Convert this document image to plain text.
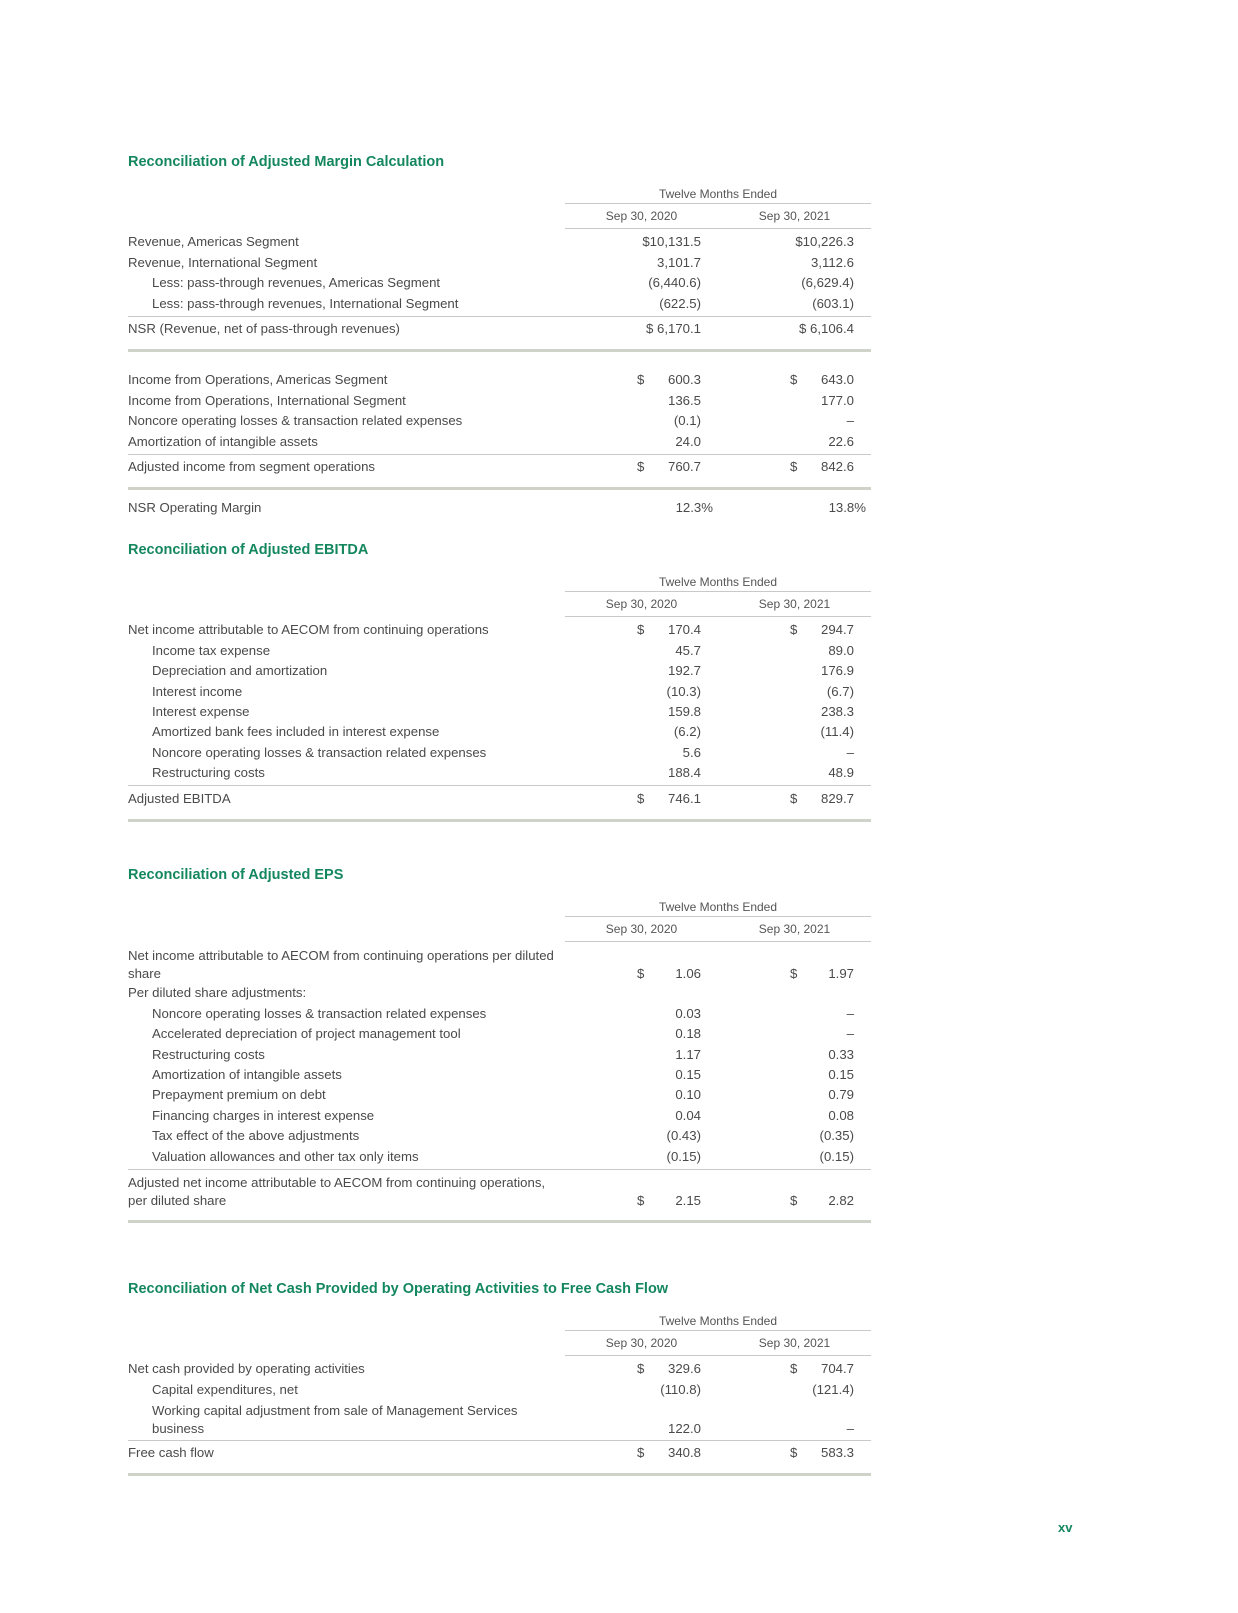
Reconciliation of Adjusted Margin Calculation
Twelve Months Ended
Sep 30, 2020	Sep 30, 2021
Revenue, Americas Segment	$10,131.5	$10,226.3
Revenue, International Segment	3,101.7	3,112.6
Less: pass-through revenues, Americas Segment	(6,440.6)	(6,629.4)
Less: pass-through revenues, International Segment	(622.5)	(603.1)
NSR (Revenue, net of pass-through revenues)	$ 6,170.1	$ 6,106.4
Income from Operations, Americas Segment	$ 600.3	$ 643.0
Income from Operations, International Segment	136.5	177.0
Noncore operating losses & transaction related expenses	(0.1)	–
Amortization of intangible assets	24.0	22.6
Adjusted income from segment operations	$ 760.7	$ 842.6
NSR Operating Margin	12.3%	13.8%
Reconciliation of Adjusted EBITDA
Twelve Months Ended
Sep 30, 2020	Sep 30, 2021
Net income attributable to AECOM from continuing operations	$ 170.4	$ 294.7
Income tax expense	45.7	89.0
Depreciation and amortization	192.7	176.9
Interest income	(10.3)	(6.7)
Interest expense	159.8	238.3
Amortized bank fees included in interest expense	(6.2)	(11.4)
Noncore operating losses & transaction related expenses	5.6	–
Restructuring costs	188.4	48.9
Adjusted EBITDA	$ 746.1	$ 829.7
Reconciliation of Adjusted EPS
Twelve Months Ended
Sep 30, 2020	Sep 30, 2021
Net income attributable to AECOM from continuing operations per diluted share	$ 1.06	$ 1.97
Per diluted share adjustments:
Noncore operating losses & transaction related expenses	0.03	–
Accelerated depreciation of project management tool	0.18	–
Restructuring costs	1.17	0.33
Amortization of intangible assets	0.15	0.15
Prepayment premium on debt	0.10	0.79
Financing charges in interest expense	0.04	0.08
Tax effect of the above adjustments	(0.43)	(0.35)
Valuation allowances and other tax only items	(0.15)	(0.15)
Adjusted net income attributable to AECOM from continuing operations, per diluted share	$ 2.15	$ 2.82
Reconciliation of Net Cash Provided by Operating Activities to Free Cash Flow
Twelve Months Ended
Sep 30, 2020	Sep 30, 2021
Net cash provided by operating activities	$ 329.6	$ 704.7
Capital expenditures, net	(110.8)	(121.4)
Working capital adjustment from sale of Management Services business	122.0	–
Free cash flow	$ 340.8	$ 583.3
xv
